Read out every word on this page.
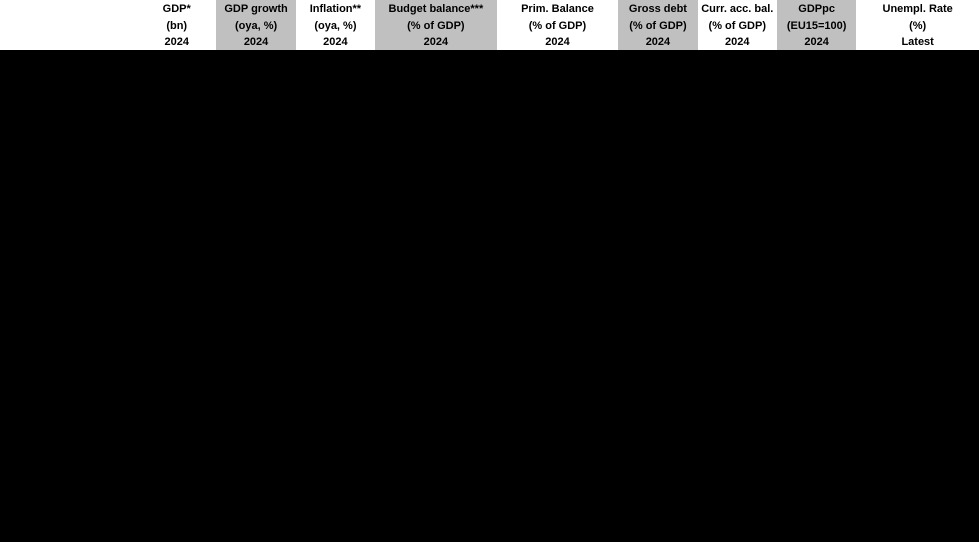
	GDP*	GDP growth	Inflation**	Budget balance***	Prim. Balance	Gross debt	Curr. acc. bal.	GDPpc	Unempl. Rate
	(bn)	(oya, %)	(oya, %)	(% of GDP)	(% of GDP)	(% of GDP)	(% of GDP)	(EU15=100)	(%)
	2024	2024	2024	2024	2024	2024	2024	2024	Latest
Austria	498	0.3	3.6	-3.1	-1.7	78	1.9	122	5.0
Belgium	607	1.3	4.0	-4.4	-2.3	105	-0.4	116	5.4
Cyprus	32	2.8	2.4	2.9	4.3	71	-11.2	76	5.4
Finland	283	0.0	1.4	-3.4	-2.2	81	-1.6	113	8.2
France	2,902	0.7	2.5	-5.3	-3.3	112	-1.4	95	7.1
Germany	4,273	0.1	2.4	-1.6	-0.6	63	7.0	113	6.0
Greece	232	2.2	2.8	-1.2	2.3	154	-5.2	50	9.8
Ireland	524	1.2	1.9	1.3	1.9	43	9.1	219	4.3
Italy	2,151	0.9	1.6	-4.4	-0.5	139	1.5	82	6.8
Netherlands	1,081	0.8	2.5	-2.0	-1.3	47	10.2	135	3.7
Portugal	277	1.7	2.3	0.4	2.6	96	0.8	60	6.2
Slovenia	67	2.3	2.8	-2.8	-1.4	68	1.4	70	10.8
Spain	1,542	2.1	3.1	-3.0	-0.5	106	2.8	71	11.5
Euro area	14,945	0.8	2.5	-3.0	-1.1	90	3.2	95	6.4
US	28,714	2.4	2.9	-7.5	-2.9	83	-3.1	178	4.2
UK	2,746	2.3		-		-		105	4.1
	555	-2.0		-3.0	-4.3	208		68	2.7
	2,665	1.4		-1.0	-	34		-	4.2
	424	1.5		-2.4	-	23		-	4.6
	5,126	0.9		10.3	-	-		183	2.0
	6,075	1.9		-1.4				119	7.9
